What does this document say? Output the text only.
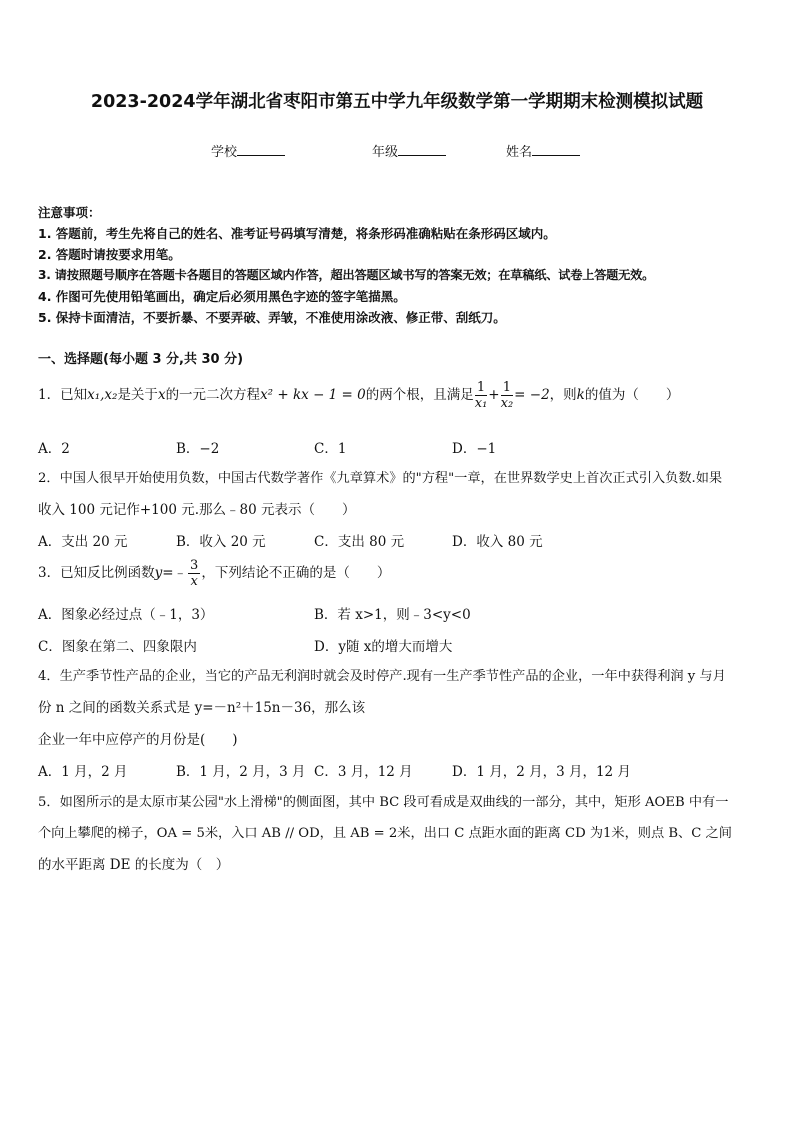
2023-2024学年湖北省枣阳市第五中学九年级数学第一学期期末检测模拟试题
学校	年级	姓名
注意事项：
1. 答题前，考生先将自己的姓名、准考证号码填写清楚，将条形码准确粘贴在条形码区域内。
2. 答题时请按要求用笔。
3. 请按照题号顺序在答题卡各题目的答题区域内作答，超出答题区域书写的答案无效；在草稿纸、试卷上答题无效。
4. 作图可先使用铅笔画出，确定后必须用黑色字迹的签字笔描黑。
5. 保持卡面清洁，不要折暴、不要弄破、弄皱，不准使用涂改液、修正带、刮纸刀。
一、选择题(每小题 3 分,共 30 分)
1．已知x₁,x₂是关于x的一元二次方程x² + kx − 1 = 0的两个根，且满足 $\frac{1}{\text{x₁}} + \frac{1}{\text{x₂}} = -2$，则k的值为（　　）
A．2	B．−2	C．1	D．−1
2．中国人很早开始使用负数，中国古代数学著作《九章算术》的"方程"一章，在世界数学史上首次正式引入负数.如果
收入 100 元记作+100 元.那么﹣80 元表示（　　）
A．支出 20 元	B．收入 20 元	C．支出 80 元	D．收入 80 元
3．已知反比例函数y=﹣ $\frac{3}{x}$ ，下列结论不正确的是（　　）
A．图象必经过点（﹣1，3）	B．若 x>1，则﹣3<y<0
C．图象在第二、四象限内	D．y随 x的增大而增大
4．生产季节性产品的企业，当它的产品无利润时就会及时停产.现有一生产季节性产品的企业，一年中获得利润 y 与月
份 n 之间的函数关系式是 y=－n²＋15n－36，那么该
企业一年中应停产的月份是(　　)
A．1 月，2 月	B．1 月，2 月，3 月 C．3 月，12 月	D．1 月，2 月，3 月，12 月
5．如图所示的是太原市某公园"水上滑梯"的侧面图，其中 BC 段可看成是双曲线的一部分，其中，矩形 AOEB 中有一
个向上攀爬的梯子，OA = 5米，入口 AB // OD，且 AB = 2米，出口 C 点距水面的距离 CD 为1米，则点 B、C 之间
的水平距离 DE 的长度为（　）
